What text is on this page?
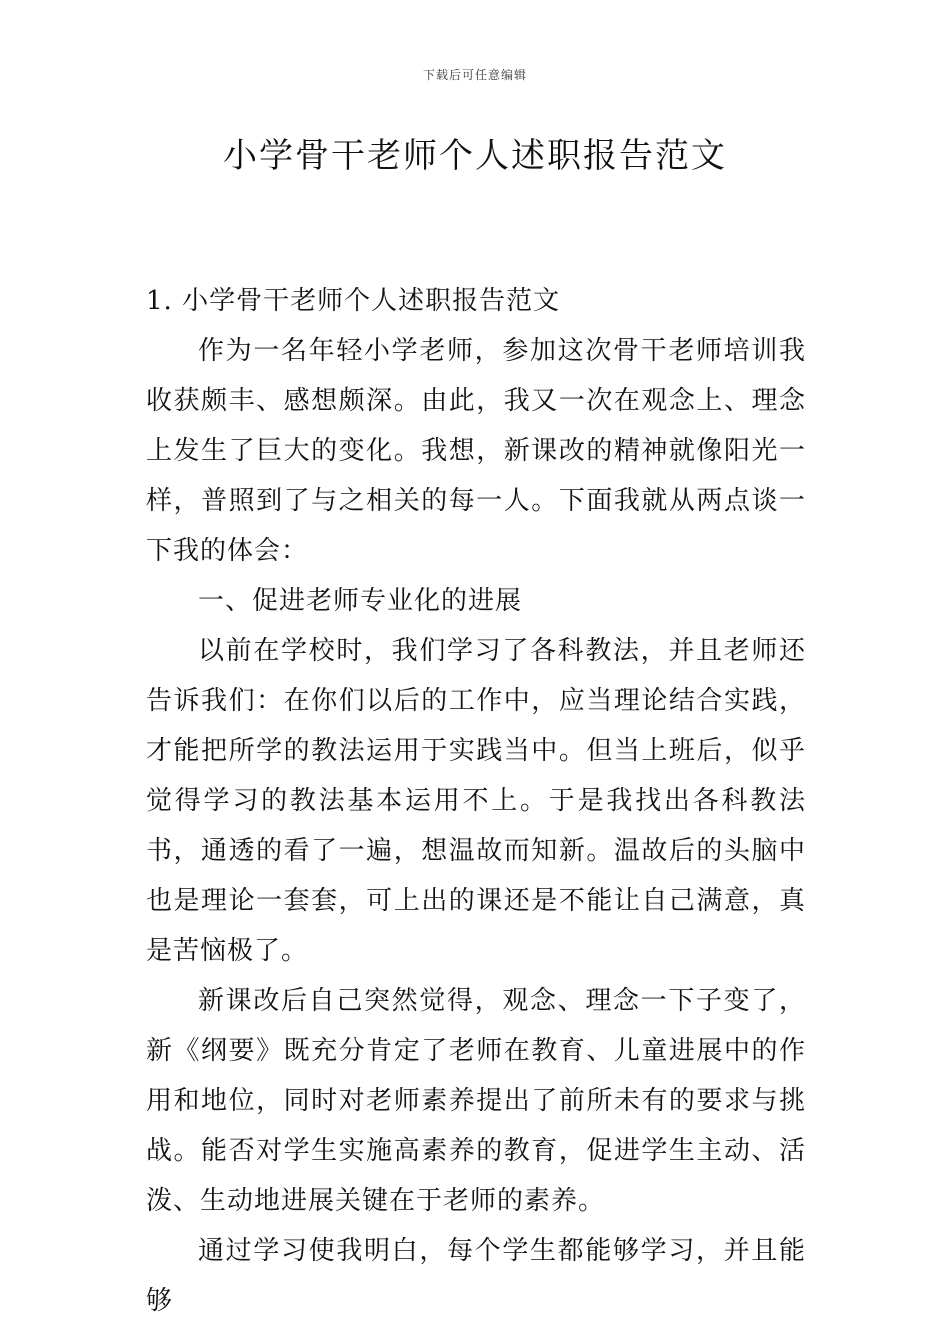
下载后可任意编辑
小学骨干老师个人述职报告范文

1. 小学骨干老师个人述职报告范文

作为一名年轻小学老师，参加这次骨干老师培训我收获颇丰、感想颇深。由此，我又一次在观念上、理念上发生了巨大的变化。我想，新课改的精神就像阳光一样，普照到了与之相关的每一人。下面我就从两点谈一下我的体会：

一、促进老师专业化的进展

以前在学校时，我们学习了各科教法，并且老师还告诉我们：在你们以后的工作中，应当理论结合实践，才能把所学的教法运用于实践当中。但当上班后，似乎觉得学习的教法基本运用不上。于是我找出各科教法书，通透的看了一遍，想温故而知新。温故后的头脑中也是理论一套套，可上出的课还是不能让自己满意，真是苦恼极了。

新课改后自己突然觉得，观念、理念一下子变了，新《纲要》既充分肯定了老师在教育、儿童进展中的作用和地位，同时对老师素养提出了前所未有的要求与挑战。能否对学生实施高素养的教育，促进学生主动、活泼、生动地进展关键在于老师的素养。

通过学习使我明白，每个学生都能够学习，并且能够
